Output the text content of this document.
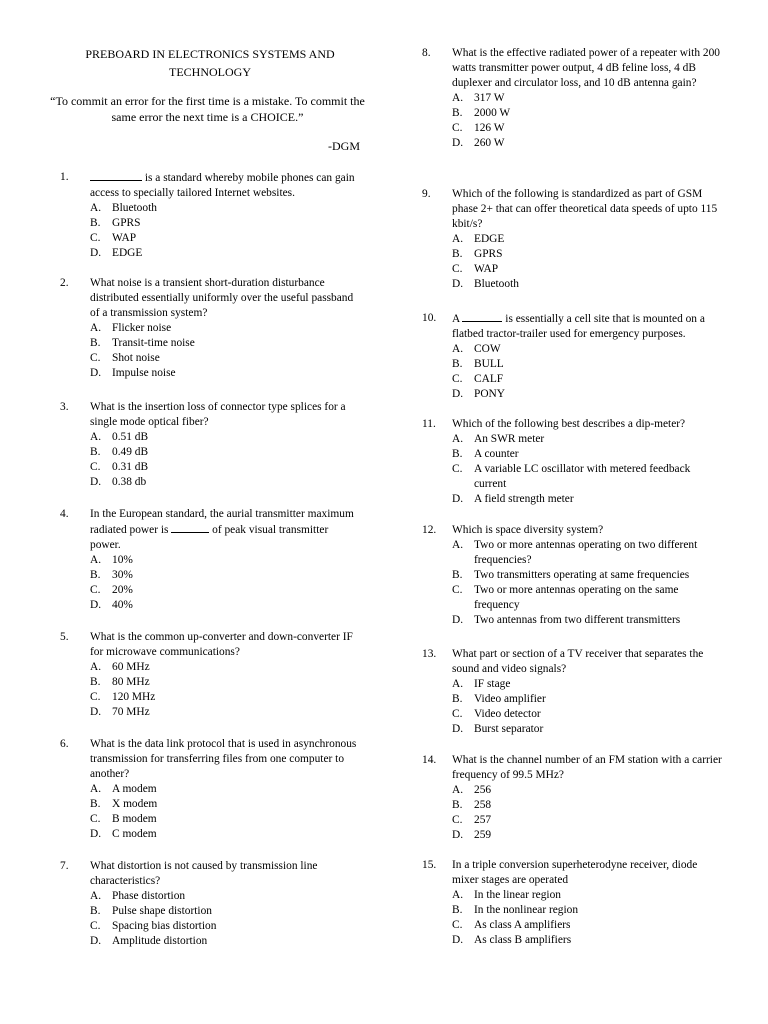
PREBOARD IN ELECTRONICS SYSTEMS AND
TECHNOLOGY
“To commit an error for the first time is a mistake. To commit the same error the next time is a CHOICE.”
-DGM
1.	is a standard whereby mobile phones can gain access to specially tailored Internet websites.
A. Bluetooth
B. GPRS
C. WAP
D. EDGE
2.	What noise is a transient short-duration disturbance distributed essentially uniformly over the useful passband of a transmission system?
A. Flicker noise
B. Transit-time noise
C. Shot noise
D. Impulse noise
3.	What is the insertion loss of connector type splices for a single mode optical fiber?
A. 0.51 dB
B. 0.49 dB
C. 0.31 dB
D. 0.38 db
4.	In the European standard, the aurial transmitter maximum radiated power is	of peak visual transmitter power.
A. 10%
B. 30%
C. 20%
D. 40%
5.	What is the common up-converter and down-converter IF for microwave communications?
A. 60 MHz
B. 80 MHz
C. 120 MHz
D. 70 MHz
6.	What is the data link protocol that is used in asynchronous transmission for transferring files from one computer to another?
A. A modem
B. X modem
C. B modem
D. C modem
7.	What distortion is not caused by transmission line characteristics?
A. Phase distortion
B. Pulse shape distortion
C. Spacing bias distortion
D. Amplitude distortion
8.	What is the effective radiated power of a repeater with 200 watts transmitter power output, 4 dB feline loss, 4 dB duplexer and circulator loss, and 10 dB antenna gain?
A. 317 W
B. 2000 W
C. 126 W
D. 260 W
9.	Which of the following is standardized as part of GSM phase 2+ that can offer theoretical data speeds of upto 115 kbit/s?
A. EDGE
B. GPRS
C. WAP
D. Bluetooth
10.	A	is essentially a cell site that is mounted on a flatbed tractor-trailer used for emergency purposes.
A. COW
B. BULL
C. CALF
D. PONY
11.	Which of the following best describes a dip-meter?
A. An SWR meter
B. A counter
C. A variable LC oscillator with metered feedback current
D. A field strength meter
12.	Which is space diversity system?
A. Two or more antennas operating on two different frequencies?
B. Two transmitters operating at same frequencies
C. Two or more antennas operating on the same frequency
D. Two antennas from two different transmitters
13.	What part or section of a TV receiver that separates the sound and video signals?
A. IF stage
B. Video amplifier
C. Video detector
D. Burst separator
14.	What is the channel number of an FM station with a carrier frequency of 99.5 MHz?
A. 256
B. 258
C. 257
D. 259
15.	In a triple conversion superheterodyne receiver, diode mixer stages are operated
A. In the linear region
B. In the nonlinear region
C. As class A amplifiers
D. As class B amplifiers
